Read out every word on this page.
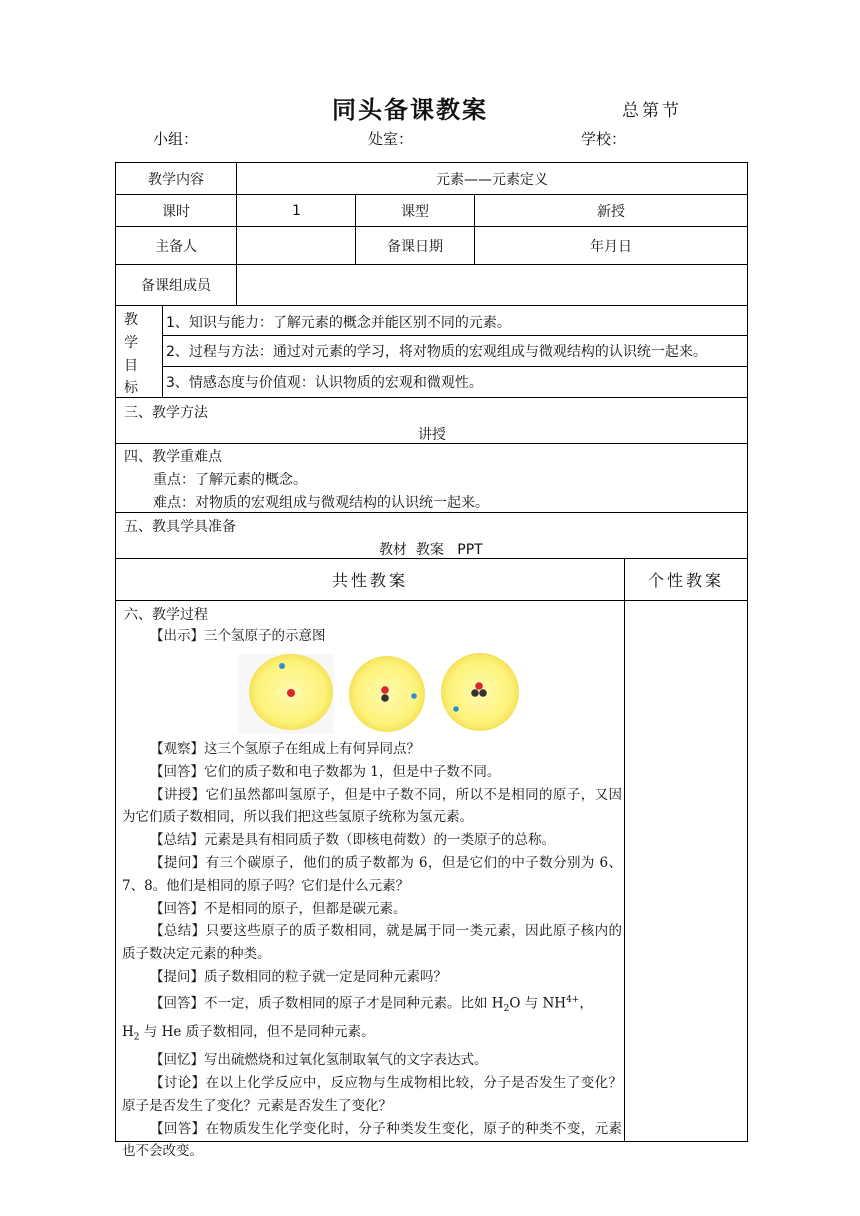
同头备课教案	总第节
小组：	处室：	学校：
教学内容	元素——元素定义
课时	1	课型	新授
主备人	备课日期	年月日
备课组成员
教
学
目
标
1、知识与能力：了解元素的概念并能区别不同的元素。
2、过程与方法：通过对元素的学习，将对物质的宏观组成与微观结构的认识统一起来。
3、情感态度与价值观：认识物质的宏观和微观性。
三、教学方法
讲授
四、教学重难点
重点：了解元素的概念。
难点：对物质的宏观组成与微观结构的认识统一起来。
五、教具学具准备
教材  教案   PPT
共性教案	个性教案
六、教学过程

【出示】三个氢原子的示意图

【观察】这三个氢原子在组成上有何异同点？

【回答】它们的质子数和电子数都为 1，但是中子数不同。

【讲授】它们虽然都叫氢原子，但是中子数不同，所以不是相同的原子，又因为它们质子数相同，所以我们把这些氢原子统称为氢元素。

【总结】元素是具有相同质子数（即核电荷数）的一类原子的总称。

【提问】有三个碳原子，他们的质子数都为 6，但是它们的中子数分别为 6、7、8。他们是相同的原子吗？它们是什么元素？

【回答】不是相同的原子，但都是碳元素。

【总结】只要这些原子的质子数相同，就是属于同一类元素，因此原子核内的质子数决定元素的种类。

【提问】质子数相同的粒子就一定是同种元素吗？

【回答】不一定，质子数相同的原子才是同种元素。比如 $H_2O$ 与 $NH^{4+}$，

$H_2$ 与 He 质子数相同，但不是同种元素。

【回忆】写出硫燃烧和过氧化氢制取氧气的文字表达式。

【讨论】在以上化学反应中，反应物与生成物相比较，分子是否发生了变化？原子是否发生了变化？元素是否发生了变化？

【回答】在物质发生化学变化时，分子种类发生变化，原子的种类不变，元素也不会改变。
